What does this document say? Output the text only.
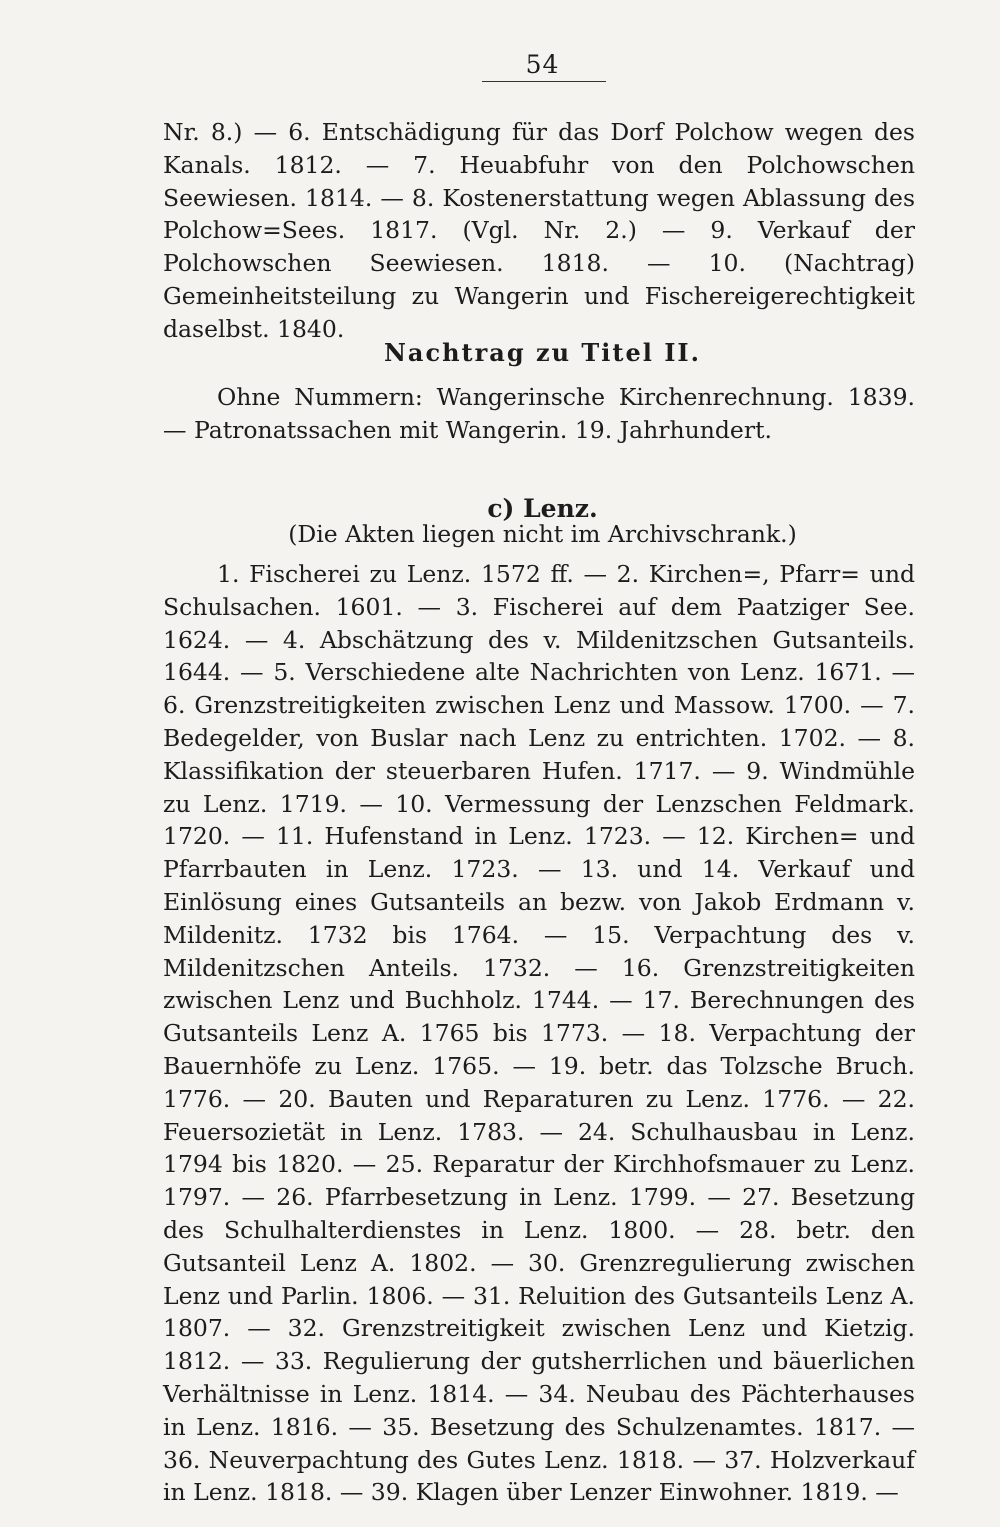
54

Nr. 8.) — 6. Entschädigung für das Dorf Polchow wegen des Kanals. 1812. — 7. Heuabfuhr von den Polchowschen Seewiesen. 1814. — 8. Kostenerstattung wegen Ablassung des Polchow=Sees. 1817. (Vgl. Nr. 2.) — 9. Verkauf der Polchowschen Seewiesen. 1818. — 10. (Nachtrag) Gemeinheitsteilung zu Wangerin und Fischereigerechtigkeit daselbst. 1840.

Nachtrag zu Titel II.

Ohne Nummern: Wangerinsche Kirchenrechnung. 1839. — Patronatssachen mit Wangerin. 19. Jahrhundert.

c) Lenz.
(Die Akten liegen nicht im Archivschrank.)

1. Fischerei zu Lenz. 1572 ff. — 2. Kirchen=, Pfarr= und Schulsachen. 1601. — 3. Fischerei auf dem Paatziger See. 1624. — 4. Abschätzung des v. Mildenitzschen Gutsanteils. 1644. — 5. Verschiedene alte Nachrichten von Lenz. 1671. — 6. Grenzstreitigkeiten zwischen Lenz und Massow. 1700. — 7. Bedegelder, von Buslar nach Lenz zu entrichten. 1702. — 8. Klassifikation der steuerbaren Hufen. 1717. — 9. Windmühle zu Lenz. 1719. — 10. Vermessung der Lenzschen Feldmark. 1720. — 11. Hufenstand in Lenz. 1723. — 12. Kirchen= und Pfarrbauten in Lenz. 1723. — 13. und 14. Verkauf und Einlösung eines Gutsanteils an bezw. von Jakob Erdmann v. Mildenitz. 1732 bis 1764. — 15. Verpachtung des v. Mildenitzschen Anteils. 1732. — 16. Grenzstreitigkeiten zwischen Lenz und Buchholz. 1744. — 17. Berechnungen des Gutsanteils Lenz A. 1765 bis 1773. — 18. Verpachtung der Bauernhöfe zu Lenz. 1765. — 19. betr. das Tolzsche Bruch. 1776. — 20. Bauten und Reparaturen zu Lenz. 1776. — 22. Feuersozietät in Lenz. 1783. — 24. Schulhausbau in Lenz. 1794 bis 1820. — 25. Reparatur der Kirchhofsmauer zu Lenz. 1797. — 26. Pfarrbesetzung in Lenz. 1799. — 27. Besetzung des Schulhalterdienstes in Lenz. 1800. — 28. betr. den Gutsanteil Lenz A. 1802. — 30. Grenzregulierung zwischen Lenz und Parlin. 1806. — 31. Reluition des Gutsanteils Lenz A. 1807. — 32. Grenzstreitigkeit zwischen Lenz und Kietzig. 1812. — 33. Regulierung der gutsherrlichen und bäuerlichen Verhältnisse in Lenz. 1814. — 34. Neubau des Pächterhauses in Lenz. 1816. — 35. Besetzung des Schulzenamtes. 1817. — 36. Neuverpachtung des Gutes Lenz. 1818. — 37. Holzverkauf in Lenz. 1818. — 39. Klagen über Lenzer Einwohner. 1819. —
